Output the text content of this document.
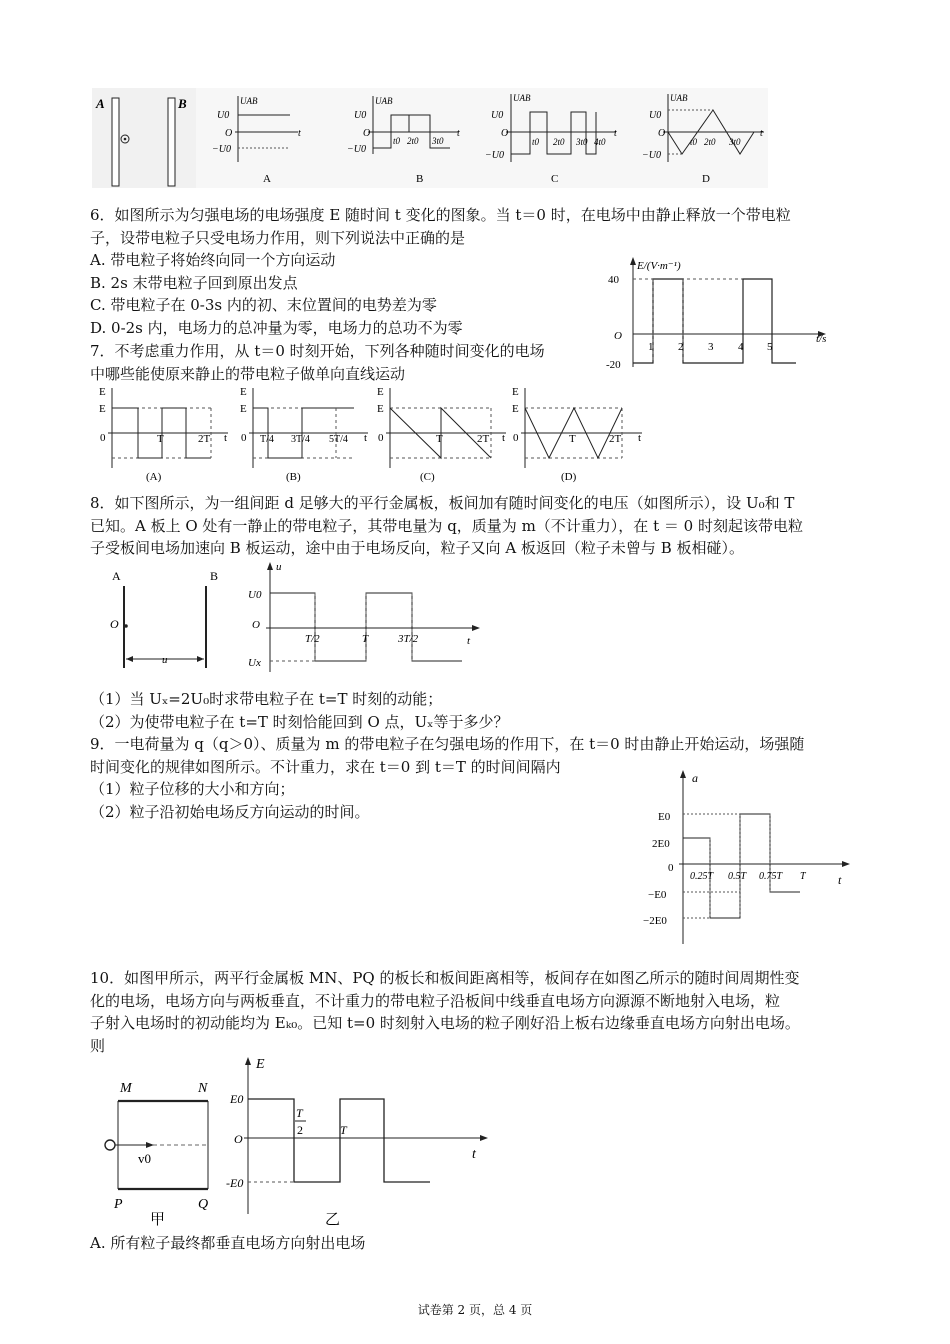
A	B	UAB
U0
O
−U0
t
A
UAB
U0
O
−U0
t
t0 2t0 3t0
B
UAB
U0
O
−U0
t
t0 2t0 3t0 4t0
C
UAB
U0
O
−U0
t
t0 2t0 3t0
D
6．如图所示为匀强电场的电场强度 E 随时间 t 变化的图象。当 t＝0 时，在电场中由静止释放一个带电粒
子，设带电粒子只受电场力作用，则下列说法中正确的是
A. 带电粒子将始终向同一个方向运动
B. 2s 末带电粒子回到原出发点
C. 带电粒子在 0-3s 内的初、末位置间的电势差为零
D. 0-2s 内，电场力的总冲量为零，电场力的总功不为零
E/(V·m⁻¹)
40
O
-20
t/s
1 2 3 4 5
7．不考虑重力作用，从 t＝0 时刻开始，下列各种随时间变化的电场
中哪些能使原来静止的带电粒子做单向直线运动
E
E
0	t
T	2T
(A)
E
E
0	t
T/4 3T/4 5T/4
(B)
E
E
0	t
T	2T
(C)
E
E
0	t
T	2T
(D)
8．如下图所示，为一组间距 d 足够大的平行金属板，板间加有随时间变化的电压（如图所示），设 U₀和 T
已知。A 板上 O 处有一静止的带电粒子，其带电量为 q，质量为 m（不计重力），在 t ＝ 0 时刻起该带电粒
子受板间电场加速向 B 板运动，途中由于电场反向，粒子又向 A 板返回（粒子未曾与 B 板相碰）。
A	B
O
u
u
U0
O
Ux
t
T/2	T	3T/2
（1）当 Uₓ=2U₀时求带电粒子在 t=T 时刻的动能；
（2）为使带电粒子在 t=T 时刻恰能回到 O 点，Uₓ等于多少？
9．一电荷量为 q（q＞0）、质量为 m 的带电粒子在匀强电场的作用下，在 t＝0 时由静止开始运动，场强随
时间变化的规律如图所示。不计重力，求在 t＝0 到 t＝T 的时间间隔内
（1）粒子位移的大小和方向；
（2）粒子沿初始电场反方向运动的时间。
a
E0
2E0
0
−E0
−2E0
t
0.25T 0.5T 0.75T T
10．如图甲所示，两平行金属板 MN、PQ 的板长和板间距离相等，板间存在如图乙所示的随时间周期性变
化的电场，电场方向与两板垂直，不计重力的带电粒子沿板间中线垂直电场方向源源不断地射入电场，粒
子射入电场时的初动能均为 Eₖ₀。已知 t=0 时刻射入电场的粒子刚好沿上板右边缘垂直电场方向射出电场。
则
M	N
P	Q
v0
甲
E
E0
O
-E0
t
T
2	T
乙
A. 所有粒子最终都垂直电场方向射出电场
试卷第 2 页，总 4 页
